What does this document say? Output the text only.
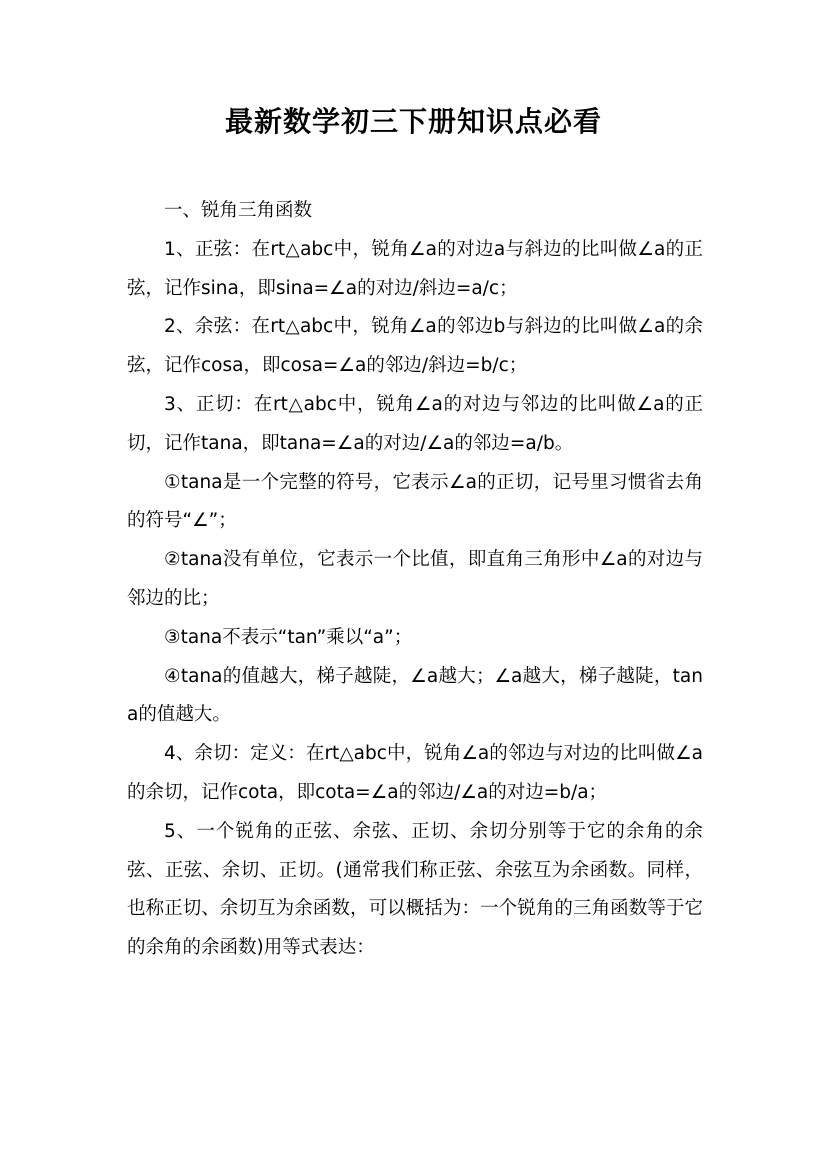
最新数学初三下册知识点必看

一、锐角三角函数

1、正弦：在rt△abc中，锐角∠a的对边a与斜边的比叫做∠a的正弦，记作sina，即sina=∠a的对边/斜边=a/c；

2、余弦：在rt△abc中，锐角∠a的邻边b与斜边的比叫做∠a的余弦，记作cosa，即cosa=∠a的邻边/斜边=b/c；

3、正切：在rt△abc中，锐角∠a的对边与邻边的比叫做∠a的正切，记作tana，即tana=∠a的对边/∠a的邻边=a/b。

①tana是一个完整的符号，它表示∠a的正切，记号里习惯省去角的符号“∠”；

②tana没有单位，它表示一个比值，即直角三角形中∠a的对边与邻边的比；

③tana不表示“tan”乘以“a”；

④tana的值越大，梯子越陡，∠a越大；∠a越大，梯子越陡，tana的值越大。

4、余切：定义：在rt△abc中，锐角∠a的邻边与对边的比叫做∠a的余切，记作cota，即cota=∠a的邻边/∠a的对边=b/a；

5、一个锐角的正弦、余弦、正切、余切分别等于它的余角的余弦、正弦、余切、正切。(通常我们称正弦、余弦互为余函数。同样，也称正切、余切互为余函数，可以概括为：一个锐角的三角函数等于它的余角的余函数)用等式表达：
